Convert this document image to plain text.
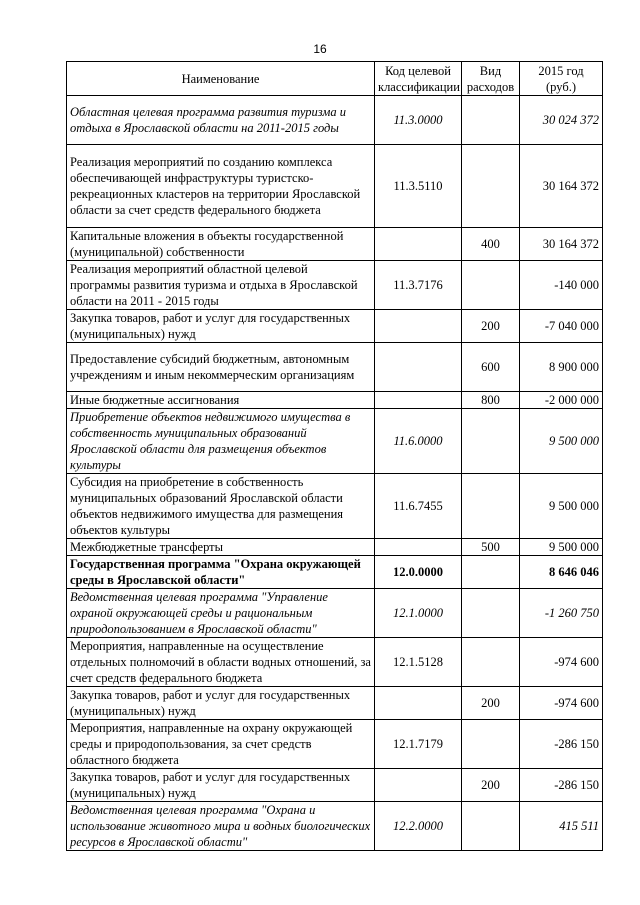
16
Наименование	Код целевой классификации	Вид расходов	2015 год (руб.)
Областная целевая программа развития туризма и отдыха в Ярославской области на 2011-2015 годы	11.3.0000		30 024 372
Реализация мероприятий по созданию комплекса обеспечивающей инфраструктуры туристско-рекреационных кластеров на территории Ярославской области за счет средств федерального бюджета	11.3.5110		30 164 372
Капитальные вложения в объекты государственной (муниципальной) собственности		400	30 164 372
Реализация мероприятий областной целевой программы развития туризма и отдыха в Ярославской области на 2011 - 2015 годы	11.3.7176		-140 000
Закупка товаров, работ и услуг для государственных (муниципальных) нужд		200	-7 040 000
Предоставление субсидий бюджетным, автономным учреждениям и иным некоммерческим организациям		600	8 900 000
Иные бюджетные ассигнования		800	-2 000 000
Приобретение объектов недвижимого имущества в собственность муниципальных образований Ярославской области для размещения объектов культуры	11.6.0000		9 500 000
Субсидия на приобретение в собственность муниципальных образований Ярославской области объектов недвижимого имущества для размещения объектов культуры	11.6.7455		9 500 000
Межбюджетные трансферты		500	9 500 000
Государственная программа "Охрана окружающей среды в Ярославской области"	12.0.0000		8 646 046
Ведомственная целевая программа "Управление охраной окружающей среды и рациональным природопользованием в Ярославской области"	12.1.0000		-1 260 750
Мероприятия, направленные на осуществление отдельных полномочий в области водных отношений, за счет средств федерального бюджета	12.1.5128		-974 600
Закупка товаров, работ и услуг для государственных (муниципальных) нужд		200	-974 600
Мероприятия, направленные на охрану окружающей среды и природопользования, за счет средств областного бюджета	12.1.7179		-286 150
Закупка товаров, работ и услуг для государственных (муниципальных) нужд		200	-286 150
Ведомственная целевая программа "Охрана и использование животного мира и водных биологических ресурсов в Ярославской области"	12.2.0000		415 511
